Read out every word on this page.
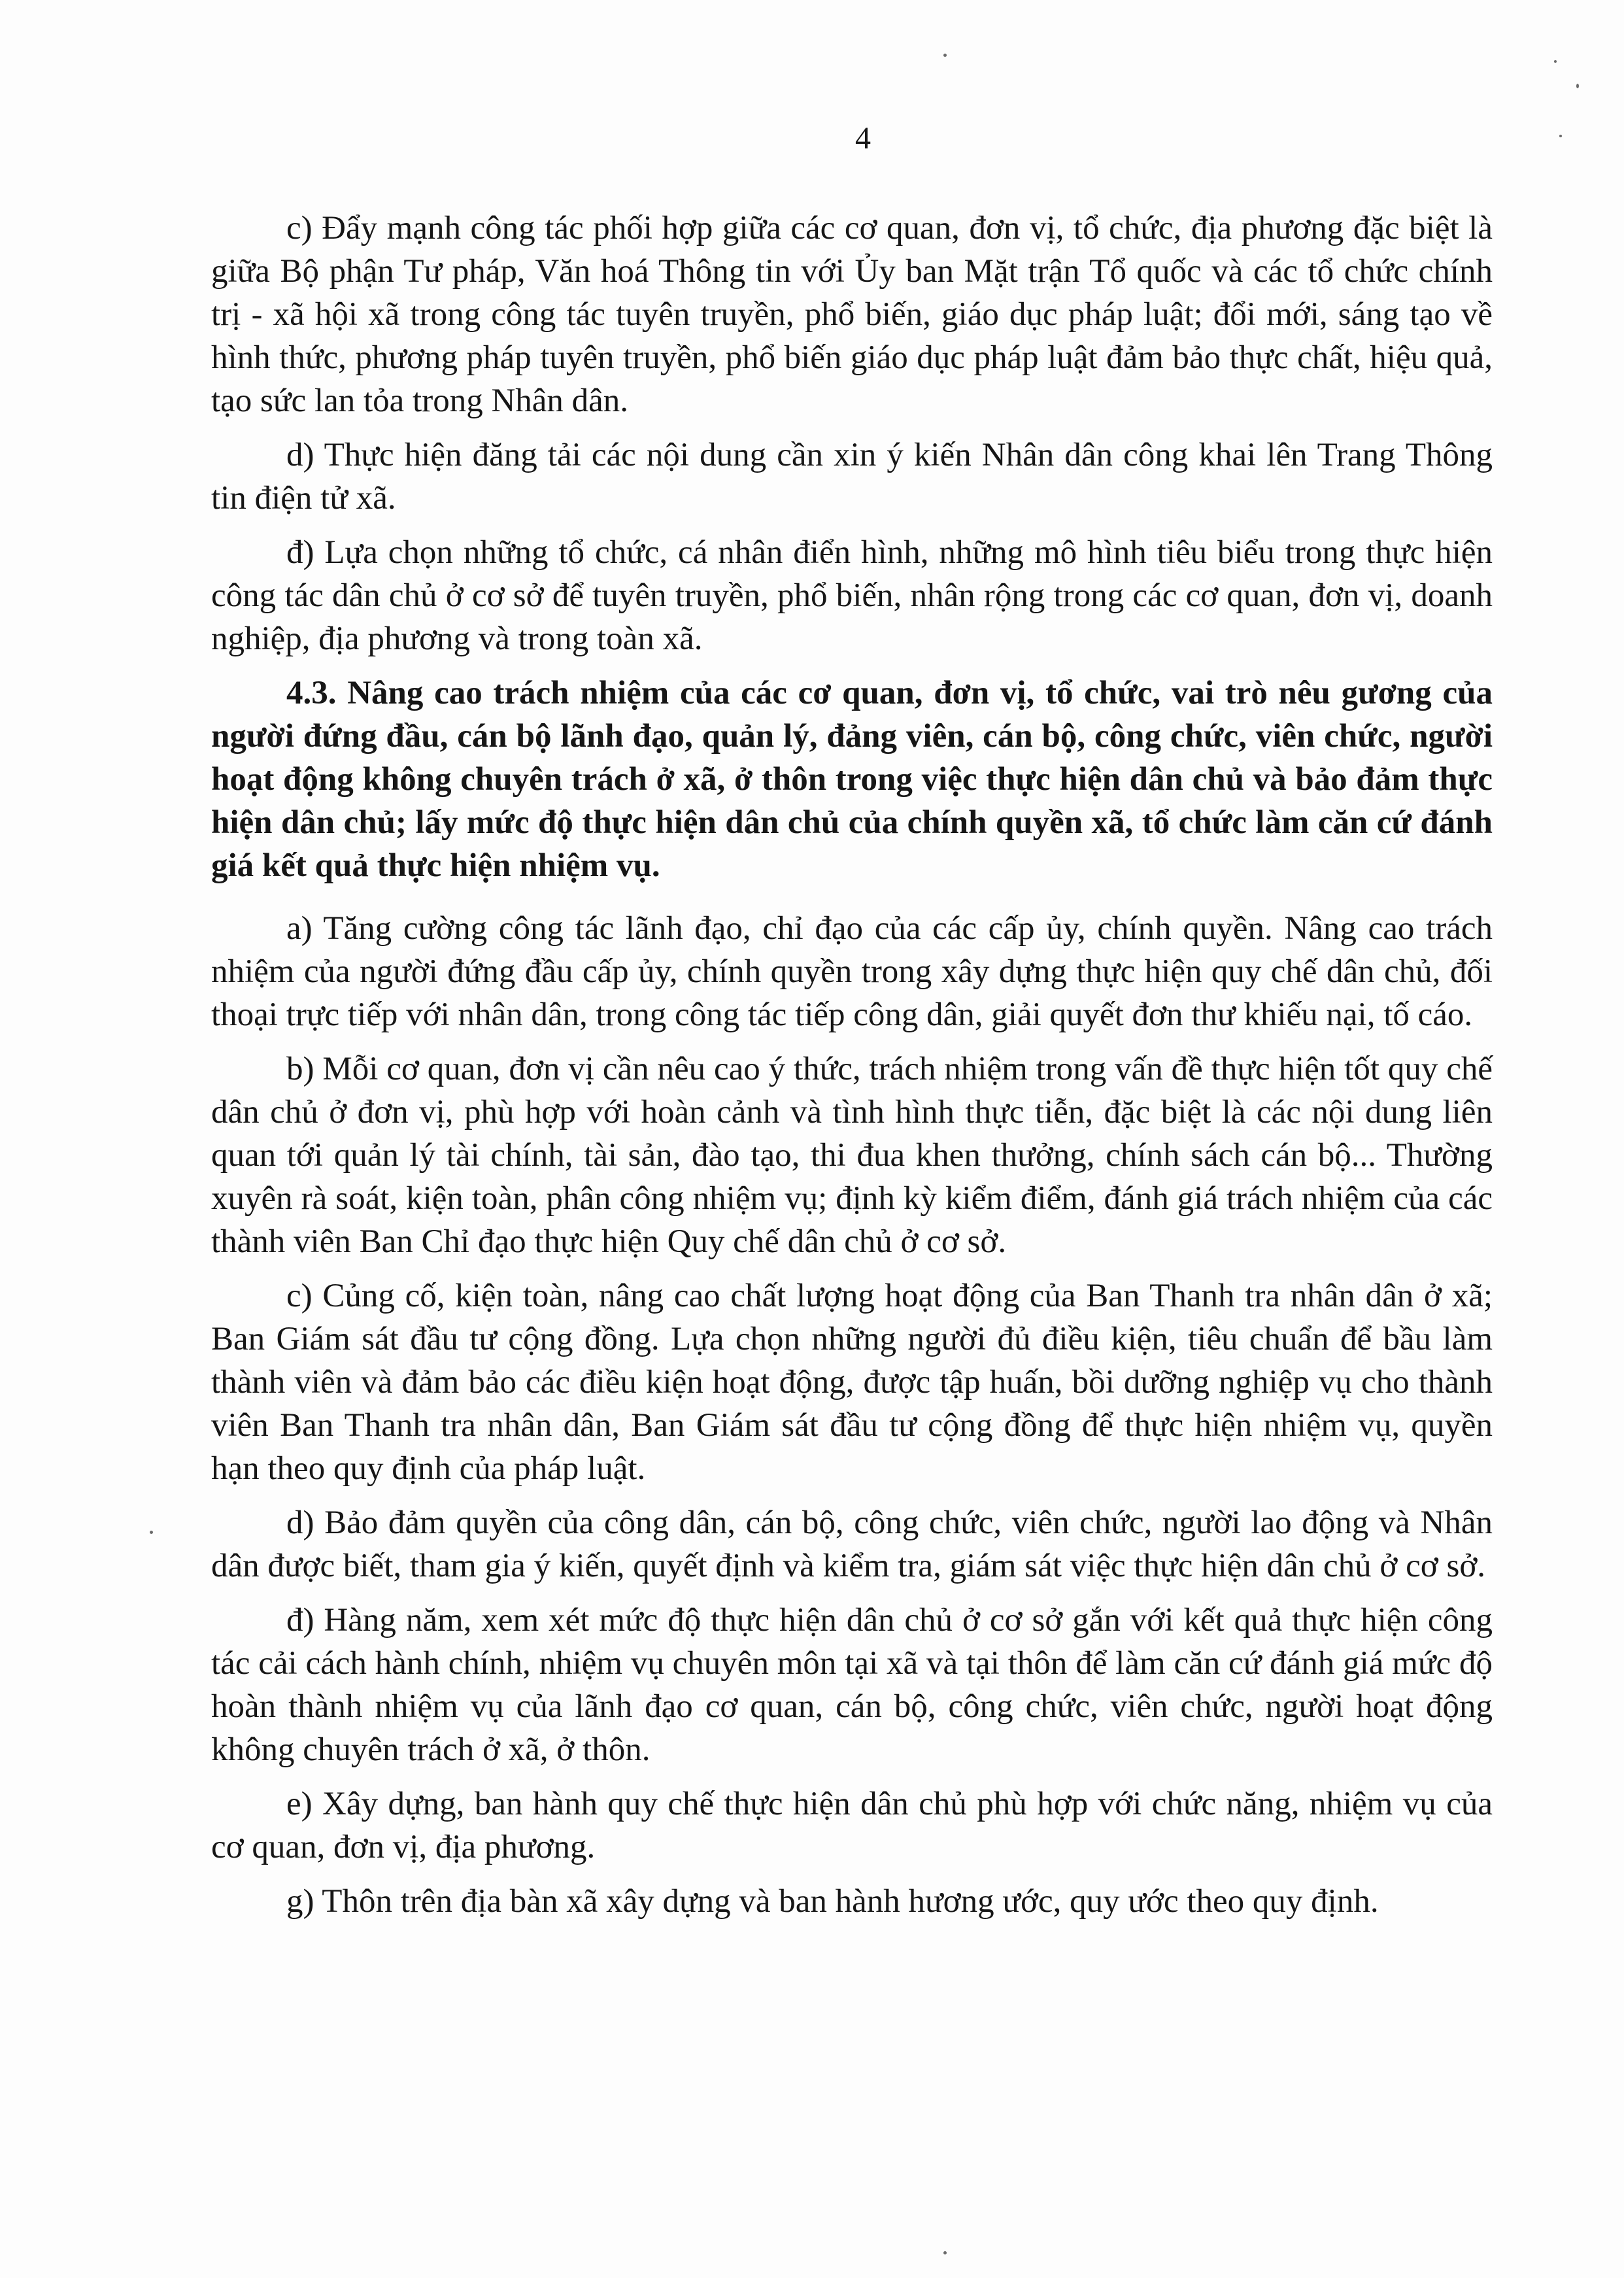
4

c) Đẩy mạnh công tác phối hợp giữa các cơ quan, đơn vị, tổ chức, địa phương đặc biệt là giữa Bộ phận Tư pháp, Văn hoá Thông tin với Ủy ban Mặt trận Tổ quốc và các tổ chức chính trị - xã hội xã trong công tác tuyên truyền, phổ biến, giáo dục pháp luật; đổi mới, sáng tạo về hình thức, phương pháp tuyên truyền, phổ biến giáo dục pháp luật đảm bảo thực chất, hiệu quả, tạo sức lan tỏa trong Nhân dân.

d) Thực hiện đăng tải các nội dung cần xin ý kiến Nhân dân công khai lên Trang Thông tin điện tử xã.

đ) Lựa chọn những tổ chức, cá nhân điển hình, những mô hình tiêu biểu trong thực hiện công tác dân chủ ở cơ sở để tuyên truyền, phổ biến, nhân rộng trong các cơ quan, đơn vị, doanh nghiệp, địa phương và trong toàn xã.

4.3. Nâng cao trách nhiệm của các cơ quan, đơn vị, tổ chức, vai trò nêu gương của người đứng đầu, cán bộ lãnh đạo, quản lý, đảng viên, cán bộ, công chức, viên chức, người hoạt động không chuyên trách ở xã, ở thôn trong việc thực hiện dân chủ và bảo đảm thực hiện dân chủ; lấy mức độ thực hiện dân chủ của chính quyền xã, tổ chức làm căn cứ đánh giá kết quả thực hiện nhiệm vụ.

a) Tăng cường công tác lãnh đạo, chỉ đạo của các cấp ủy, chính quyền. Nâng cao trách nhiệm của người đứng đầu cấp ủy, chính quyền trong xây dựng thực hiện quy chế dân chủ, đối thoại trực tiếp với nhân dân, trong công tác tiếp công dân, giải quyết đơn thư khiếu nại, tố cáo.

b) Mỗi cơ quan, đơn vị cần nêu cao ý thức, trách nhiệm trong vấn đề thực hiện tốt quy chế dân chủ ở đơn vị, phù hợp với hoàn cảnh và tình hình thực tiễn, đặc biệt là các nội dung liên quan tới quản lý tài chính, tài sản, đào tạo, thi đua khen thưởng, chính sách cán bộ... Thường xuyên rà soát, kiện toàn, phân công nhiệm vụ; định kỳ kiểm điểm, đánh giá trách nhiệm của các thành viên Ban Chỉ đạo thực hiện Quy chế dân chủ ở cơ sở.

c) Củng cố, kiện toàn, nâng cao chất lượng hoạt động của Ban Thanh tra nhân dân ở xã; Ban Giám sát đầu tư cộng đồng. Lựa chọn những người đủ điều kiện, tiêu chuẩn để bầu làm thành viên và đảm bảo các điều kiện hoạt động, được tập huấn, bồi dưỡng nghiệp vụ cho thành viên Ban Thanh tra nhân dân, Ban Giám sát đầu tư cộng đồng để thực hiện nhiệm vụ, quyền hạn theo quy định của pháp luật.

d) Bảo đảm quyền của công dân, cán bộ, công chức, viên chức, người lao động và Nhân dân được biết, tham gia ý kiến, quyết định và kiểm tra, giám sát việc thực hiện dân chủ ở cơ sở.

đ) Hàng năm, xem xét mức độ thực hiện dân chủ ở cơ sở gắn với kết quả thực hiện công tác cải cách hành chính, nhiệm vụ chuyên môn tại xã và tại thôn để làm căn cứ đánh giá mức độ hoàn thành nhiệm vụ của lãnh đạo cơ quan, cán bộ, công chức, viên chức, người hoạt động không chuyên trách ở xã, ở thôn.

e) Xây dựng, ban hành quy chế thực hiện dân chủ phù hợp với chức năng, nhiệm vụ của cơ quan, đơn vị, địa phương.

g) Thôn trên địa bàn xã xây dựng và ban hành hương ước, quy ước theo quy định.
